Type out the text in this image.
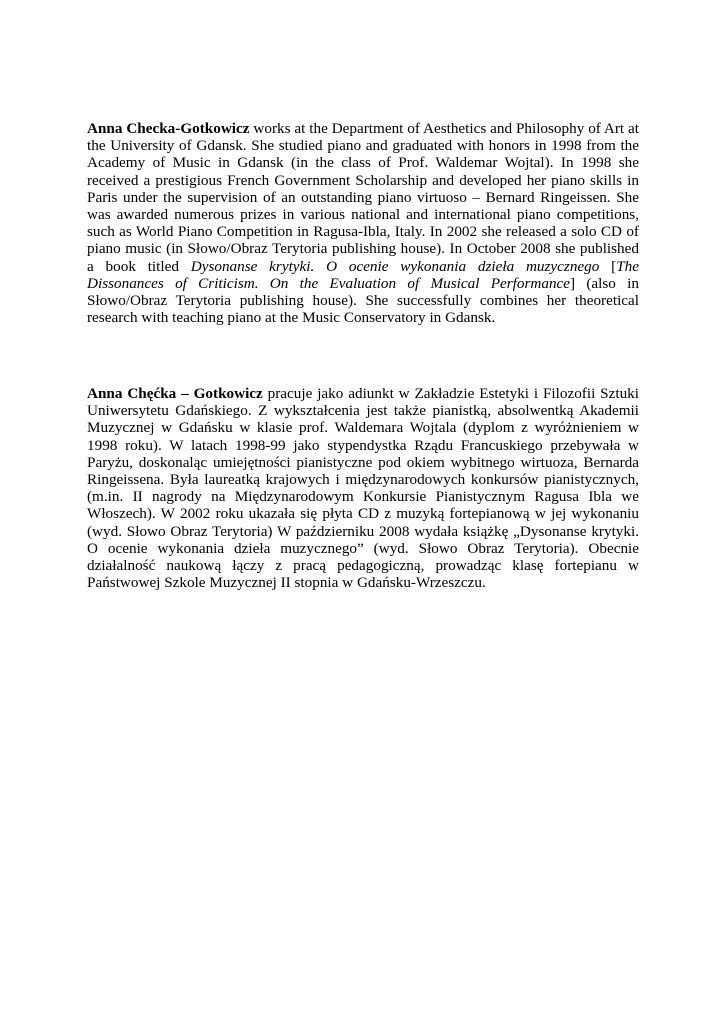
Anna Checka-Gotkowicz works at the Department of Aesthetics and Philosophy of Art at the University of Gdansk. She studied piano and graduated with honors in 1998 from the Academy of Music in Gdansk (in the class of Prof. Waldemar Wojtal). In 1998 she received a prestigious French Government Scholarship and developed her piano skills in Paris under the supervision of an outstanding piano virtuoso – Bernard Ringeissen. She was awarded numerous prizes in various national and international piano competitions, such as World Piano Competition in Ragusa-Ibla, Italy. In 2002 she released a solo CD of piano music (in Słowo/Obraz Terytoria publishing house). In October 2008 she published a book titled Dysonanse krytyki. O ocenie wykonania dzieła muzycznego [The Dissonances of Criticism. On the Evaluation of Musical Performance] (also in Słowo/Obraz Terytoria publishing house). She successfully combines her theoretical research with teaching piano at the Music Conservatory in Gdansk.

Anna Chęćka – Gotkowicz pracuje jako adiunkt w Zakładzie Estetyki i Filozofii Sztuki Uniwersytetu Gdańskiego. Z wykształcenia jest także pianistką, absolwentką Akademii Muzycznej w Gdańsku w klasie prof. Waldemara Wojtala (dyplom z wyróżnieniem w 1998 roku). W latach 1998-99 jako stypendystka Rządu Francuskiego przebywała w Paryżu, doskonaląc umiejętności pianistyczne pod okiem wybitnego wirtuoza, Bernarda Ringeissena. Była laureatką krajowych i międzynarodowych konkursów pianistycznych, (m.in. II nagrody na Międzynarodowym Konkursie Pianistycznym Ragusa Ibla we Włoszech). W 2002 roku ukazała się płyta CD z muzyką fortepianową w jej wykonaniu (wyd. Słowo Obraz Terytoria) W październiku 2008 wydała książkę „Dysonanse krytyki. O ocenie wykonania dzieła muzycznego” (wyd. Słowo Obraz Terytoria). Obecnie działalność naukową łączy z pracą pedagogiczną, prowadząc klasę fortepianu w Państwowej Szkole Muzycznej II stopnia w Gdańsku-Wrzeszczu.
